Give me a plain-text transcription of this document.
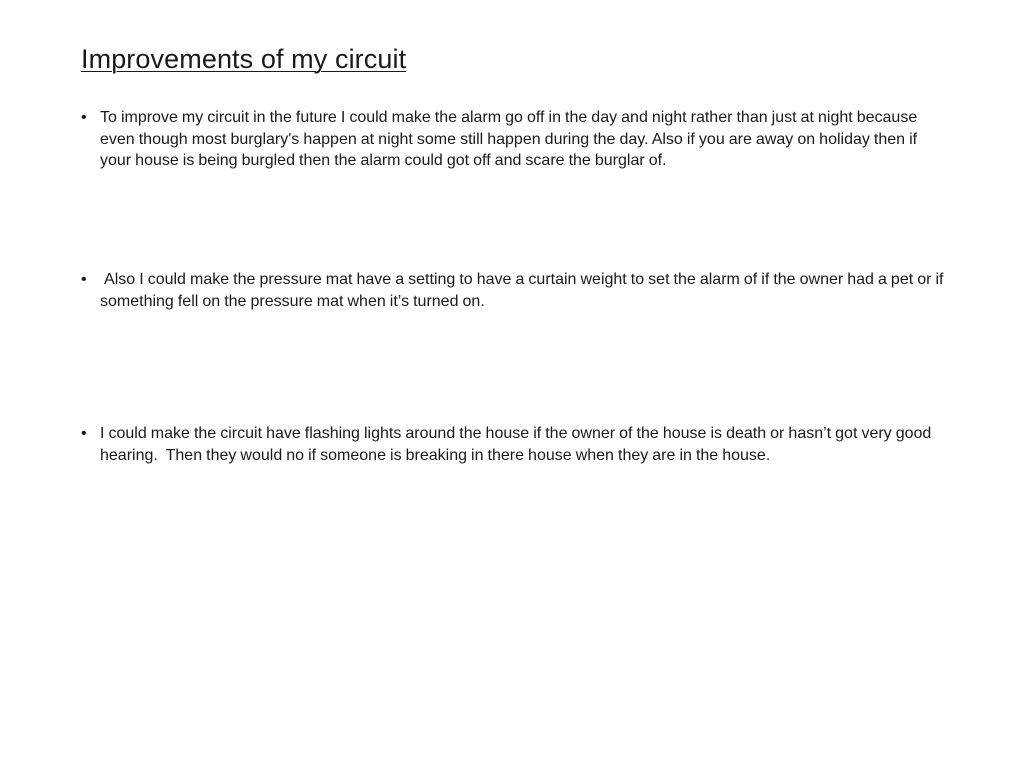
Improvements of my circuit
• To improve my circuit in the future I could make the alarm go off in the day and night rather than just at night because even though most burglary's happen at night some still happen during the day. Also if you are away on holiday then if your house is being burgled then the alarm could got off and scare the burglar of.
• Also I could make the pressure mat have a setting to have a curtain weight to set the alarm of if the owner had a pet or if something fell on the pressure mat when it’s turned on.
• I could make the circuit have flashing lights around the house if the owner of the house is death or hasn’t got very good hearing.  Then they would no if someone is breaking in there house when they are in the house.
